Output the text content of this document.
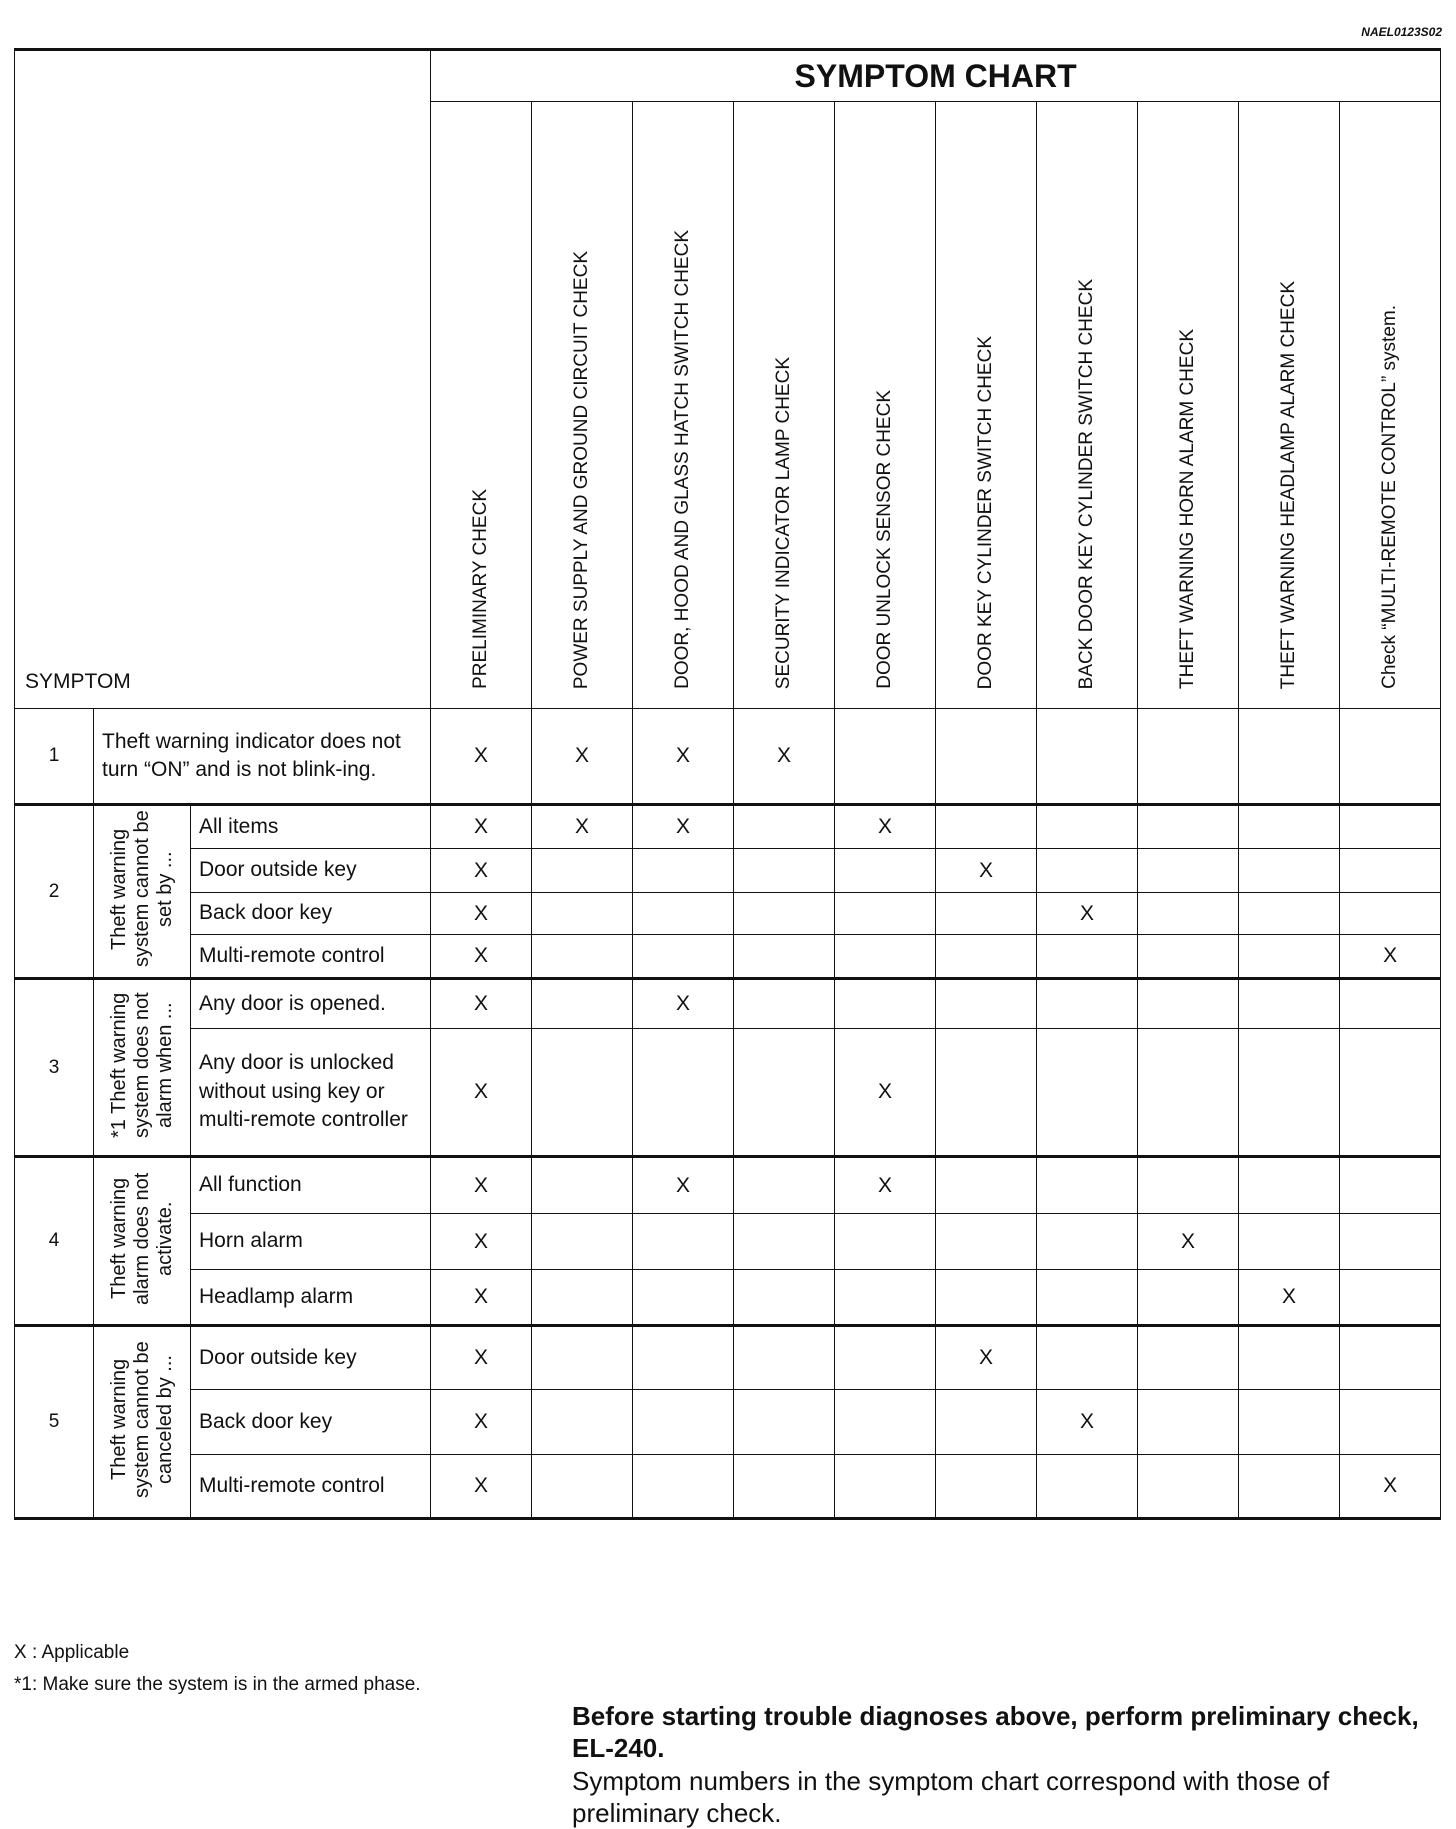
NAEL0123S02
SYMPTOM			SYMPTOM CHART									
			PRELIMINARY CHECK	POWER SUPPLY AND GROUND CIRCUIT CHECK	DOOR, HOOD AND GLASS HATCH SWITCH CHECK	SECURITY INDICATOR LAMP CHECK	DOOR UNLOCK SENSOR CHECK	DOOR KEY CYLINDER SWITCH CHECK	BACK DOOR KEY CYLINDER SWITCH CHECK	THEFT WARNING HORN ALARM CHECK	THEFT WARNING HEADLAMP ALARM CHECK	Check “MULTI-REMOTE CONTROL” system.
1	Theft warning indicator does not turn “ON” and is not blink-ing.		X	X	X	X						
2	Theft warning system cannot be set by ...	All items	X	X	X		X					
		Door outside key	X					X				
		Back door key	X						X			
		Multi-remote control	X									X
3	*1 Theft warning system does not alarm when ...	Any door is opened.	X		X							
		Any door is unlocked without using key or multi-remote controller	X				X					
4	Theft warning alarm does not activate.	All function	X		X		X					
		Horn alarm	X							X		
		Headlamp alarm	X								X	
5	Theft warning system cannot be canceled by ...	Door outside key	X					X				
		Back door key	X						X			
		Multi-remote control	X									X
X : Applicable
*1: Make sure the system is in the armed phase.
Before starting trouble diagnoses above, perform preliminary check, EL-240.
Symptom numbers in the symptom chart correspond with those of preliminary check.
